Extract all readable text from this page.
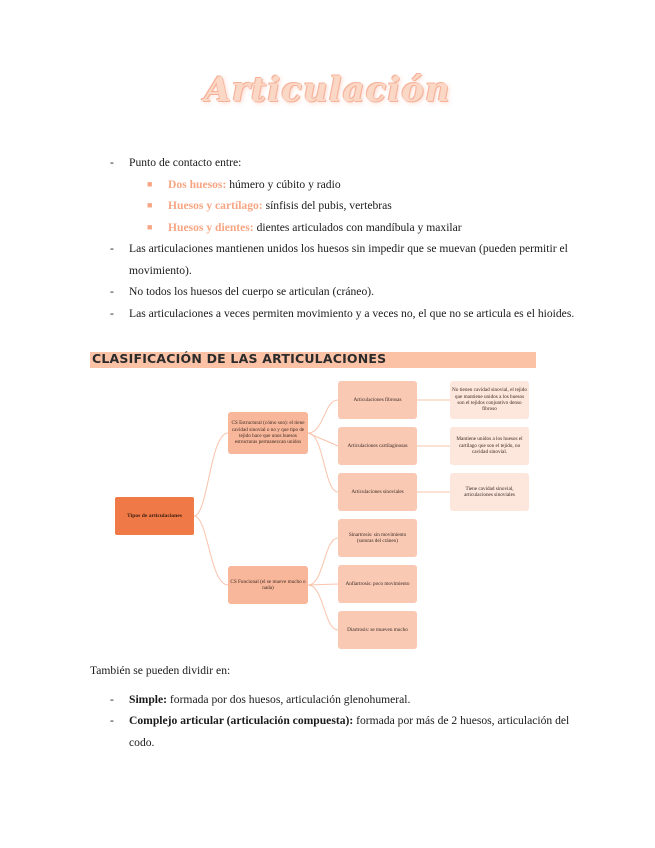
Articulación
- Punto de contacto entre:
■ Dos huesos: húmero y cúbito y radio
■ Huesos y cartílago: sínfisis del pubis, vertebras
■ Huesos y dientes: dientes articulados con mandíbula y maxilar
- Las articulaciones mantienen unidos los huesos sin impedir que se muevan (pueden permitir el movimiento).
- No todos los huesos del cuerpo se articulan (cráneo).
- Las articulaciones a veces permiten movimiento y a veces no, el que no se articula es el hioides.
CLASIFICACIÓN DE LAS ARTICULACIONES
Tipos de articulaciones
CS Estructural (cómo son): el tiene cavidad sinovial o no y que tipo de tejido hace que unos huesos estructuras permanezcan unidos
CS Funcional (el se mueve mucho o nada)
Articulaciones fibrosas
Articulaciones cartilaginosas
Articulaciones sinoviales
No tienen cavidad sinovial, el tejido que mantiene unidos a los huesos son el tejidos conjuntivo denso fibroso
Mantiene unidos a los huesos el cartílago que son el tejido, no cavidad sinovial.
Tiene cavidad sinovial, articulaciones sinoviales
Sinartrosis: sin movimiento (suturas del cráneo)
Anfiartrosis: poco movimiento
Diartrosis: se mueven mucho
También se pueden dividir en:
- Simple: formada por dos huesos, articulación glenohumeral.
- Complejo articular (articulación compuesta): formada por más de 2 huesos, articulación del codo.
